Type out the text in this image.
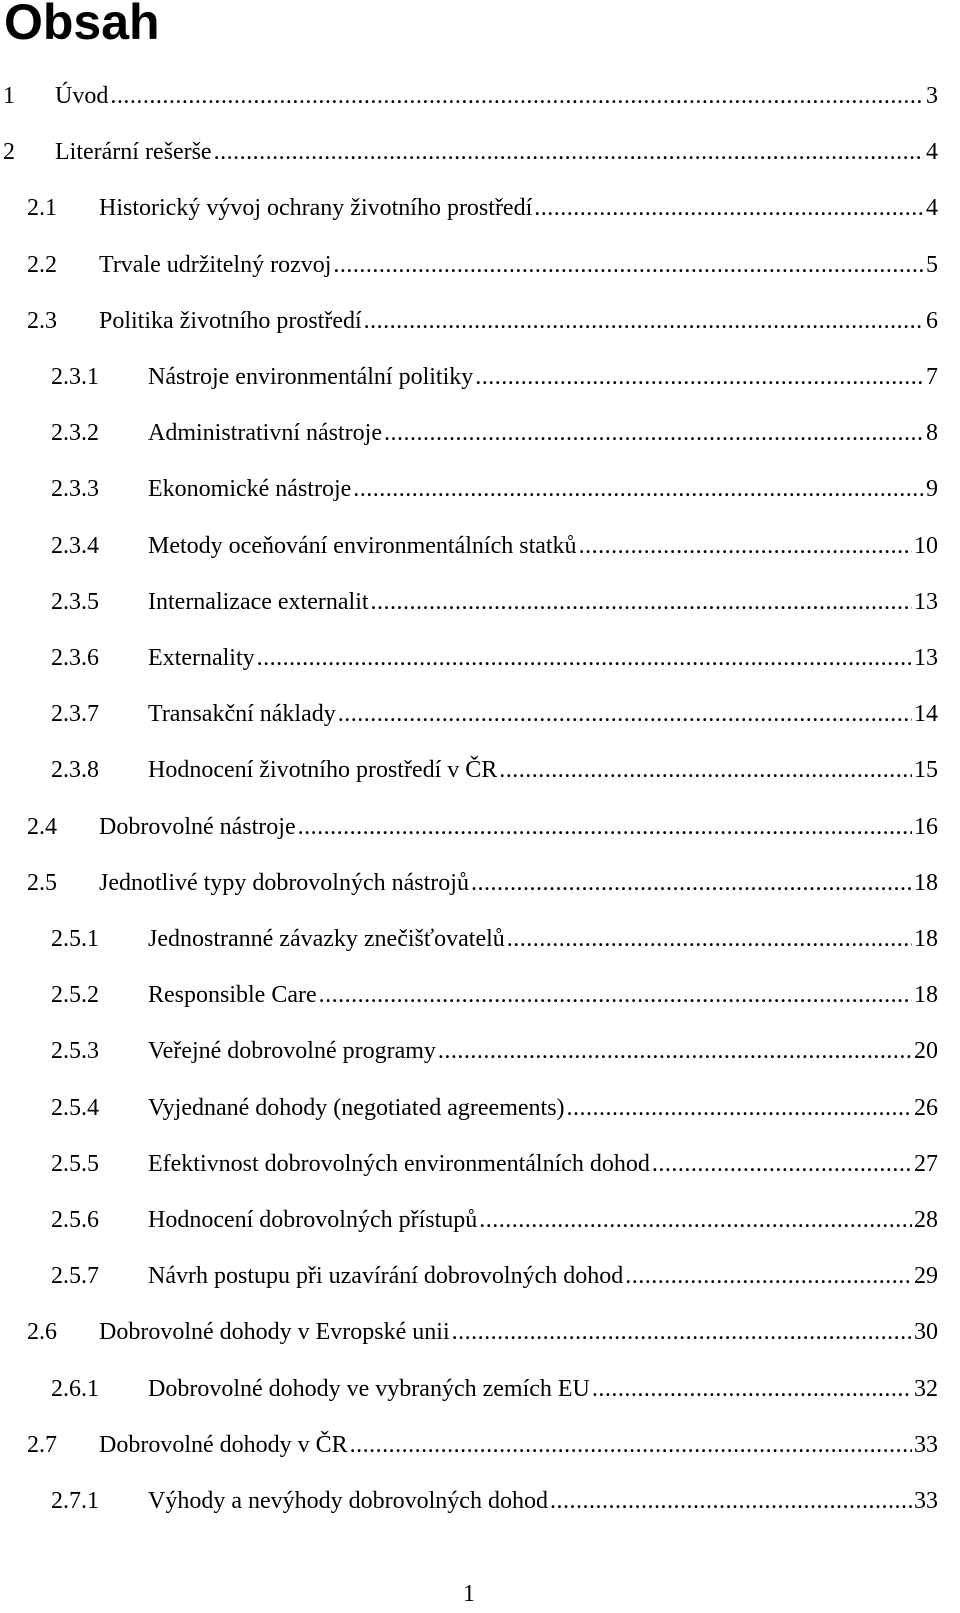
Obsah
1 Úvod .....	3
2 Literární rešerše .....	4
2.1 Historický vývoj ochrany životního prostředí .....	4
2.2 Trvale udržitelný rozvoj .....	5
2.3 Politika životního prostředí .....	6
2.3.1 Nástroje environmentální politiky .....	7
2.3.2 Administrativní nástroje .....	8
2.3.3 Ekonomické nástroje .....	9
2.3.4 Metody oceňování environmentálních statků .....	10
2.3.5 Internalizace externalit .....	13
2.3.6 Externality .....	13
2.3.7 Transakční náklady .....	14
2.3.8 Hodnocení životního prostředí v ČR .....	15
2.4 Dobrovolné nástroje .....	16
2.5 Jednotlivé typy dobrovolných nástrojů .....	18
2.5.1 Jednostranné závazky znečišťovatelů .....	18
2.5.2 Responsible Care .....	18
2.5.3 Veřejné dobrovolné programy .....	20
2.5.4 Vyjednané dohody (negotiated agreements) .....	26
2.5.5 Efektivnost dobrovolných environmentálních dohod .....	27
2.5.6 Hodnocení dobrovolných přístupů .....	28
2.5.7 Návrh postupu při uzavírání dobrovolných dohod .....	29
2.6 Dobrovolné dohody v Evropské unii .....	30
2.6.1 Dobrovolné dohody ve vybraných zemích EU .....	32
2.7 Dobrovolné dohody v ČR .....	33
2.7.1 Výhody a nevýhody dobrovolných dohod .....	33
1
